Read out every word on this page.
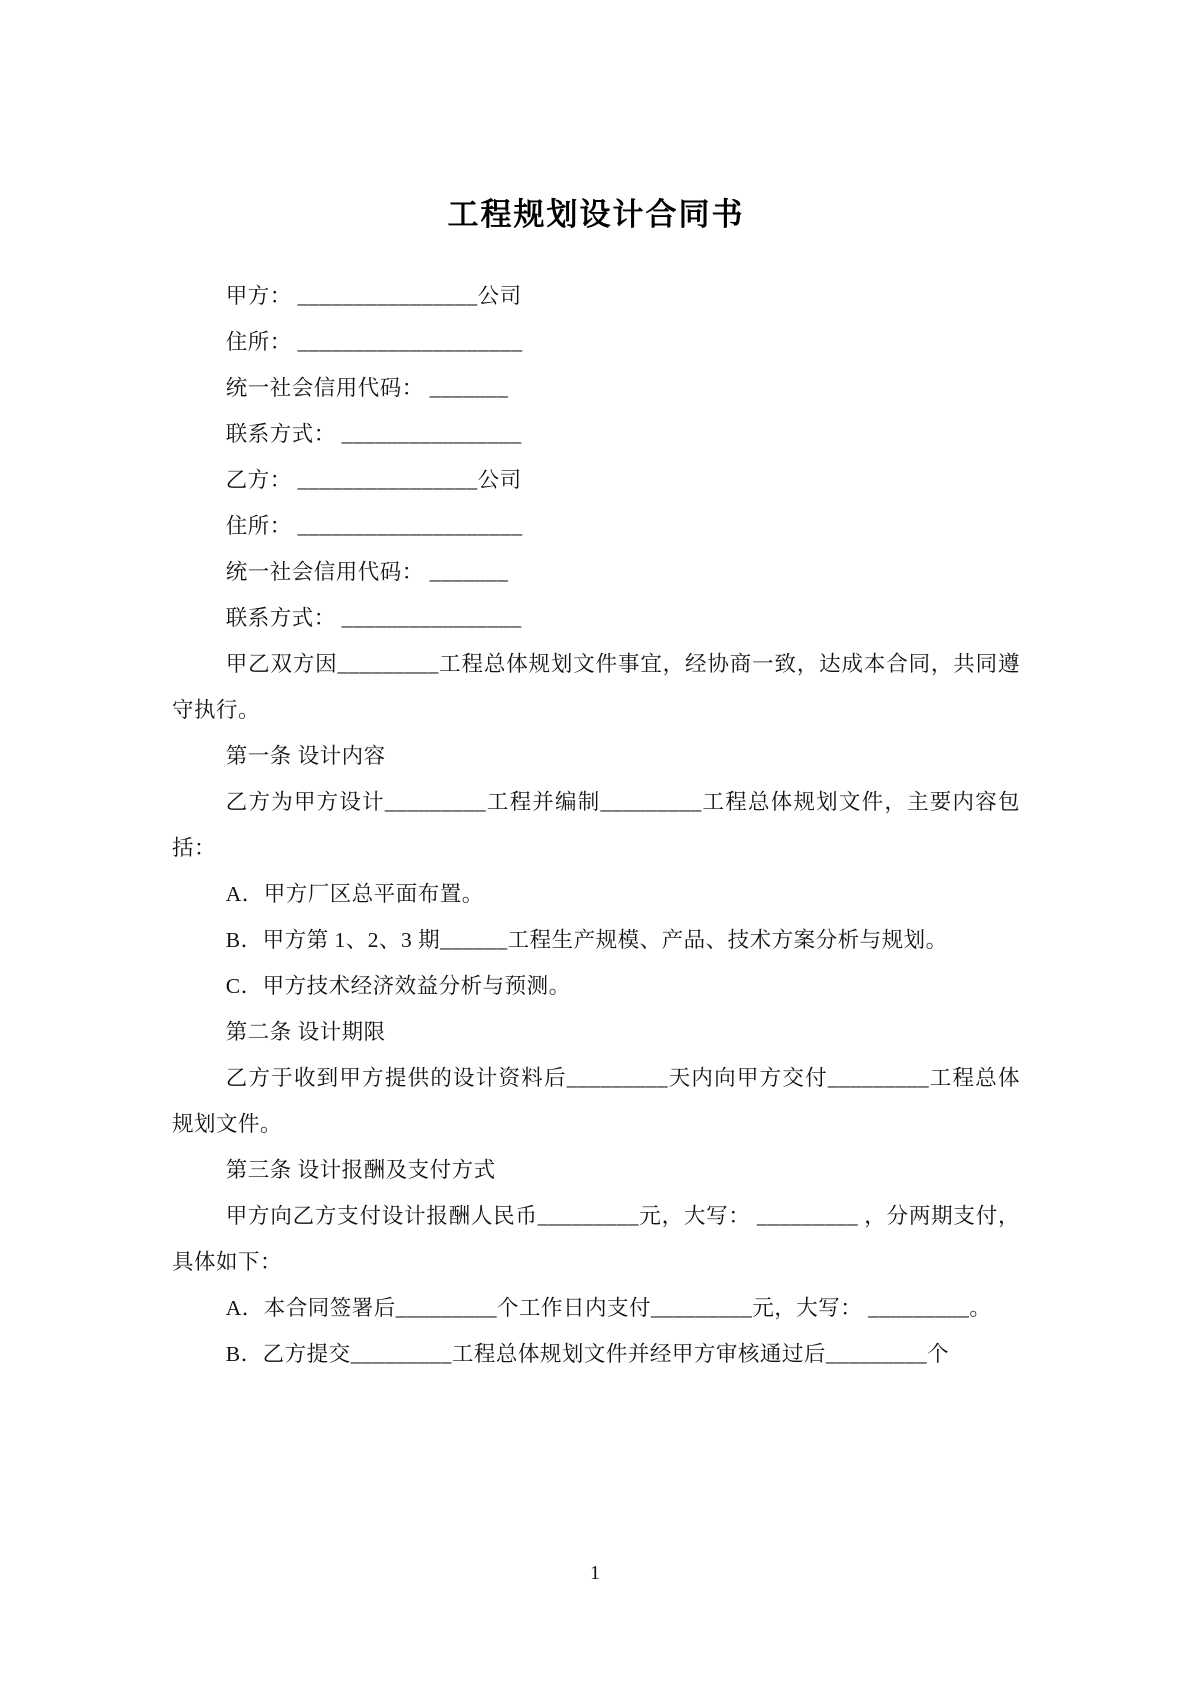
工程规划设计合同书

甲方： ________________公司

住所： ____________________

统一社会信用代码： _______

联系方式： ________________

乙方： ________________公司

住所： ____________________

统一社会信用代码： _______

联系方式： ________________

甲乙双方因_________工程总体规划文件事宜，经协商一致，达成本合同，共同遵守执行。

第一条 设计内容

乙方为甲方设计_________工程并编制_________工程总体规划文件，主要内容包括：

A．甲方厂区总平面布置。

B．甲方第 1、2、3 期______工程生产规模、产品、技术方案分析与规划。

C．甲方技术经济效益分析与预测。

第二条 设计期限

乙方于收到甲方提供的设计资料后_________天内向甲方交付_________工程总体规划文件。

第三条 设计报酬及支付方式

甲方向乙方支付设计报酬人民币_________元，大写： _________ ，分两期支付，具体如下：

A．本合同签署后_________个工作日内支付_________元，大写： _________。

B．乙方提交_________工程总体规划文件并经甲方审核通过后_________个

1
